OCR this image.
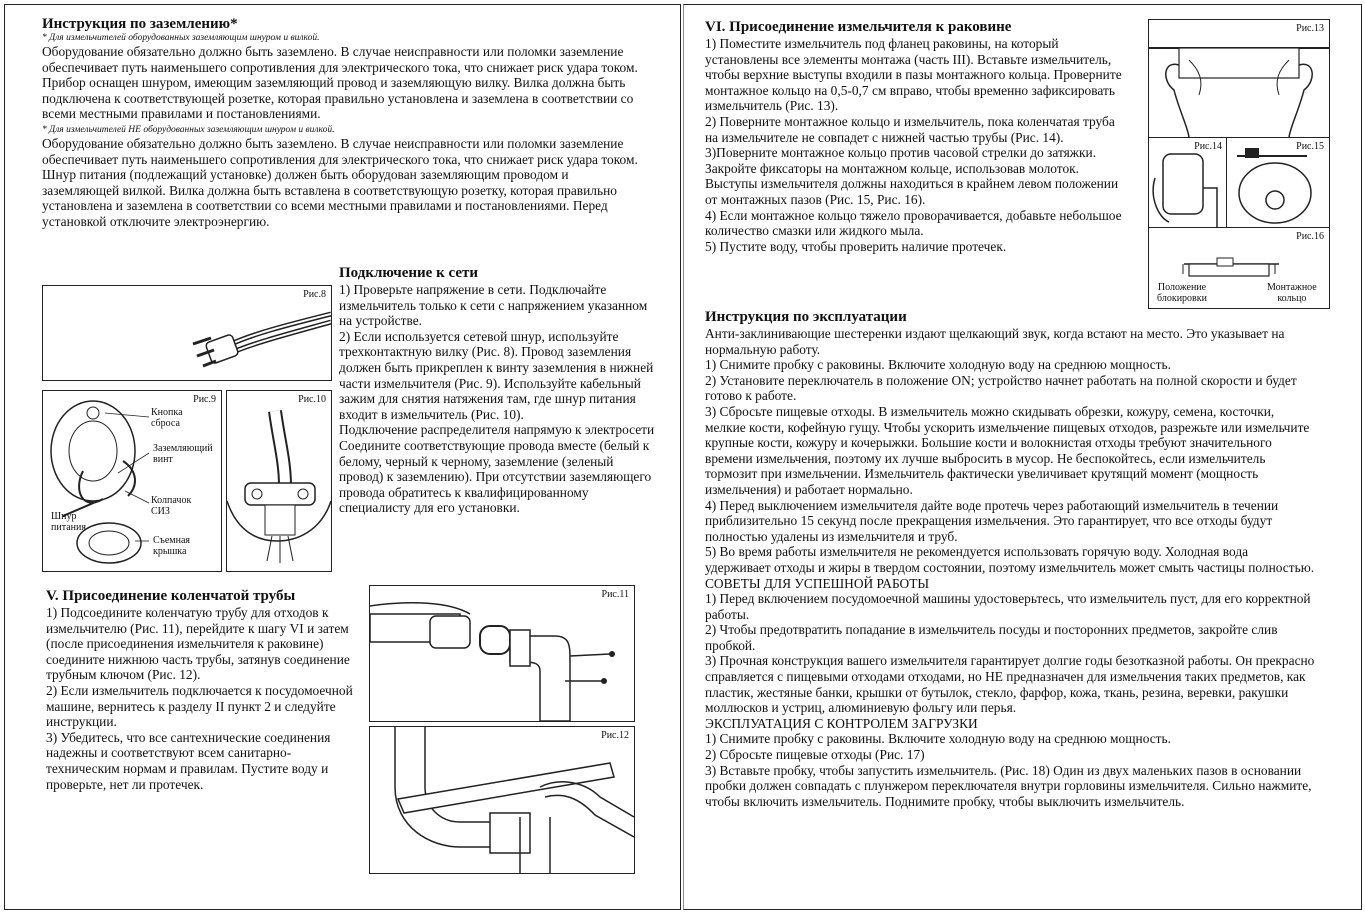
Инструкция по заземлению*
* Для измельчителей оборудованных заземляющим шнуром и вилкой.
Оборудование обязательно должно быть заземлено. В случае неисправности или поломки заземление обеспечивает путь наименьшего сопротивления для электрического тока, что снижает риск удара током. Прибор оснащен шнуром, имеющим заземляющий провод и заземляющую вилку. Вилка должна быть подключена к соответствующей розетке, которая правильно установлена и заземлена в соответствии со всеми местными правилами и постановлениями.
* Для измельчителей НЕ оборудованных заземляющим шнуром и вилкой.
Оборудование обязательно должно быть заземлено. В случае неисправности или поломки заземление обеспечивает путь наименьшего сопротивления для электрического тока, что снижает риск удара током. Шнур питания (подлежащий установке) должен быть оборудован заземляющим проводом и заземляющей вилкой. Вилка должна быть вставлена в соответствующую розетку, которая правильно установлена и заземлена в соответствии со всеми местными правилами и постановлениями. Перед установкой отключите электроэнергию.
Подключение к сети
1) Проверьте напряжение в сети. Подключайте измельчитель только к сети с напряжением указанном на устройстве.
2) Если используется сетевой шнур, используйте трехконтактную вилку (Рис. 8). Провод заземления должен быть прикреплен к винту заземления в нижней части измельчителя (Рис. 9). Используйте кабельный зажим для снятия натяжения там, где шнур питания входит в измельчитель (Рис. 10).
Подключение распределителя напрямую к электросети
Соедините соответствующие провода вместе (белый к белому, черный к черному, заземление (зеленый провод) к заземлению). При отсутствии заземляющего провода обратитесь к квалифицированному специалисту для его установки.
Рис.8
Рис.9
Кнопка
сброса
Заземляющий
винт
Колпачок
СИЗ
Шнур
питания
Съемная
крышка
Рис.10
V. Присоединение коленчатой трубы
1) Подсоедините коленчатую трубу для отходов к измельчителю (Рис. 11), перейдите к шагу VI и затем (после присоединения измельчителя к раковине) соедините нижнюю часть трубы, затянув соединение трубным ключом (Рис. 12).
2) Если измельчитель подключается к посудомоечной машине, вернитесь к разделу II пункт 2 и следуйте инструкции.
3) Убедитесь, что все сантехнические соединения надежны и соответствуют всем санитарно-техническим нормам и правилам. Пустите воду и проверьте, нет ли протечек.
Рис.11
Рис.12
VI. Присоединение измельчителя к раковине
1) Поместите измельчитель под фланец раковины, на который установлены все элементы монтажа (часть III). Вставьте измельчитель, чтобы верхние выступы входили в пазы монтажного кольца. Проверните монтажное кольцо на 0,5-0,7 см вправо, чтобы временно зафиксировать измельчитель (Рис. 13).
2) Поверните монтажное кольцо и измельчитель, пока коленчатая труба на измельчителе не совпадет с нижней частью трубы (Рис. 14).
3)Поверните монтажное кольцо против часовой стрелки до затяжки. Закройте фиксаторы на монтажном кольце, использовав молоток. Выступы измельчителя должны находиться в крайнем левом положении от монтажных пазов (Рис. 15, Рис. 16).
4) Если монтажное кольцо тяжело проворачивается, добавьте небольшое количество смазки или жидкого мыла.
5) Пустите воду, чтобы проверить наличие протечек.
Рис.13
Рис.14	Рис.15
Рис.16
Положение
блокировки
Монтажное
кольцо
Инструкция по эксплуатации
Анти-заклинивающие шестеренки издают щелкающий звук, когда встают на место. Это указывает на нормальную работу.
1) Снимите пробку с раковины. Включите холодную воду на среднюю мощность.
2) Установите переключатель в положение ON; устройство начнет работать на полной скорости и будет готово к работе.
3) Сбросьте пищевые отходы. В измельчитель можно скидывать обрезки, кожуру, семена, косточки, мелкие кости, кофейную гущу. Чтобы ускорить измельчение пищевых отходов, разрежьте или измельчите крупные кости, кожуру и кочерыжки. Большие кости и волокнистая отходы требуют значительного времени измельчения, поэтому их лучше выбросить в мусор. Не беспокойтесь, если измельчитель тормозит при измельчении. Измельчитель фактически увеличивает крутящий момент (мощность измельчения) и работает нормально.
4) Перед выключением измельчителя дайте воде протечь через работающий измельчитель в течении приблизительно 15 секунд после прекращения измельчения. Это гарантирует, что все отходы будут полностью удалены из измельчителя и труб.
5) Во время работы измельчителя не рекомендуется использовать горячую воду. Холодная вода удерживает отходы и жиры в твердом состоянии, поэтому измельчитель может смыть частицы полностью.
СОВЕТЫ ДЛЯ УСПЕШНОЙ РАБОТЫ
1) Перед включением посудомоечной машины удостоверьтесь, что измельчитель пуст, для его корректной работы.
2) Чтобы предотвратить попадание в измельчитель посуды и посторонних предметов, закройте слив пробкой.
3) Прочная конструкция вашего измельчителя гарантирует долгие годы безотказной работы. Он прекрасно справляется с пищевыми отходами отходами, но НЕ предназначен для измельчения таких предметов, как пластик, жестяные банки, крышки от бутылок, стекло, фарфор, кожа, ткань, резина, веревки, ракушки моллюсков и устриц, алюминиевую фольгу или перья.
ЭКСПЛУАТАЦИЯ С КОНТРОЛЕМ ЗАГРУЗКИ
1) Снимите пробку с раковины. Включите холодную воду на среднюю мощность.
2) Сбросьте пищевые отходы (Рис. 17)
3) Вставьте пробку, чтобы запустить измельчитель. (Рис. 18) Один из двух маленьких пазов в основании пробки должен совпадать с плунжером переключателя внутри горловины измельчителя. Сильно нажмите, чтобы включить измельчитель. Поднимите пробку, чтобы выключить измельчитель.
